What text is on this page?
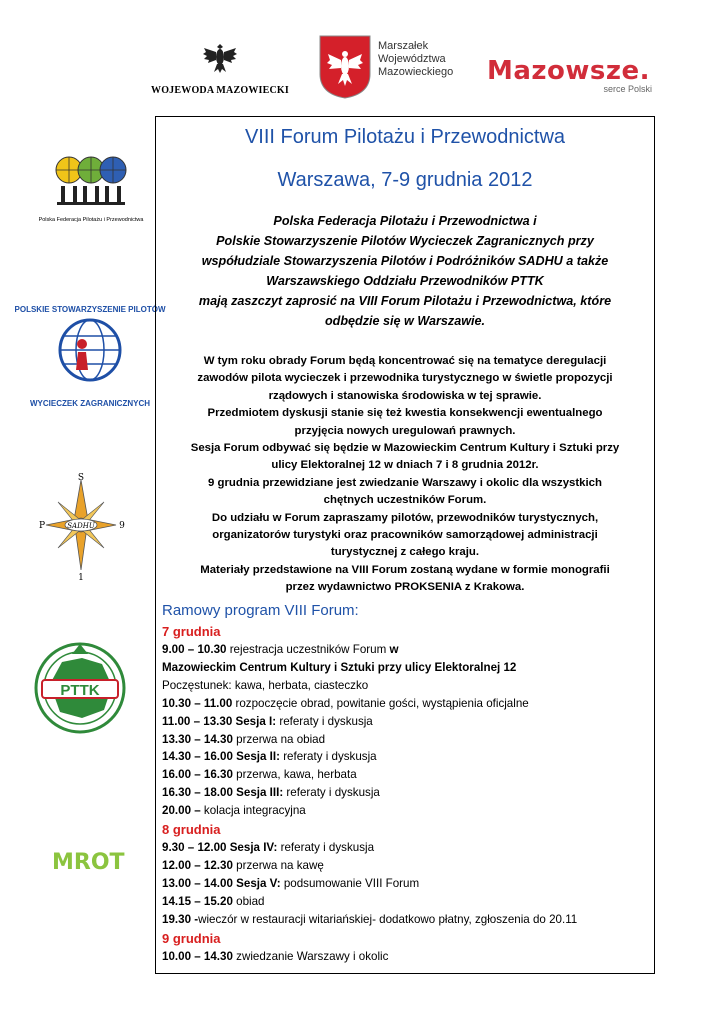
WOJEWODA MAZOWIECKI
Marszałek
Województwa
Mazowieckiego Mazowsze.
serce Polski
Polska Federacja Pilotażu i Przewodnictwa
WYCIECZEK ZAGRANICZNYCH
POLSKIE STOWARZYSZENIE PILOTÓW
SADHU
S
P	9
1
PTTK
MROT
VIII Forum Pilotażu i Przewodnictwa
Warszawa, 7-9 grudnia 2012
Polska Federacja Pilotażu i Przewodnictwa i
Polskie Stowarzyszenie Pilotów Wycieczek Zagranicznych przy
współudziale Stowarzyszenia Pilotów i Podróżników SADHU a także
Warszawskiego Oddziału Przewodników PTTK
mają zaszczyt zaprosić na VIII Forum Pilotażu i Przewodnictwa, które
odbędzie się w Warszawie.
W tym roku obrady Forum będą koncentrować się na tematyce deregulacji
zawodów pilota wycieczek i przewodnika turystycznego w świetle propozycji
rządowych i stanowiska środowiska w tej sprawie.
Przedmiotem dyskusji stanie się też kwestia konsekwencji ewentualnego
przyjęcia nowych uregulowań prawnych.
Sesja Forum odbywać się będzie w Mazowieckim Centrum Kultury i Sztuki przy
ulicy Elektoralnej 12 w dniach 7 i 8 grudnia 2012r.
9 grudnia przewidziane jest zwiedzanie Warszawy i okolic dla wszystkich
chętnych uczestników Forum.
Do udziału w Forum zapraszamy pilotów, przewodników turystycznych,
organizatorów turystyki oraz pracowników samorządowej administracji
turystycznej z całego kraju.
Materiały przedstawione na VIII Forum zostaną wydane w formie monografii
przez wydawnictwo PROKSENIA z Krakowa.
Ramowy program VIII Forum:
7 grudnia
9.00 – 10.30 rejestracja uczestników Forum w
Mazowieckim Centrum Kultury i Sztuki przy ulicy Elektoralnej 12
Poczęstunek: kawa, herbata, ciasteczko
10.30 – 11.00 rozpoczęcie obrad, powitanie gości, wystąpienia oficjalne
11.00 – 13.30 Sesja I: referaty i dyskusja
13.30 – 14.30 przerwa na obiad
14.30 – 16.00 Sesja II: referaty i dyskusja
16.00 – 16.30 przerwa, kawa, herbata
16.30 – 18.00 Sesja III: referaty i dyskusja
20.00 – kolacja integracyjna
8 grudnia
9.30 – 12.00 Sesja IV: referaty i dyskusja
12.00 – 12.30 przerwa na kawę
13.00 – 14.00 Sesja V: podsumowanie VIII Forum
14.15 – 15.20 obiad
19.30 -wieczór w restauracji witariańskiej- dodatkowo płatny, zgłoszenia do 20.11
9 grudnia
10.00 – 14.30 zwiedzanie Warszawy i okolic
